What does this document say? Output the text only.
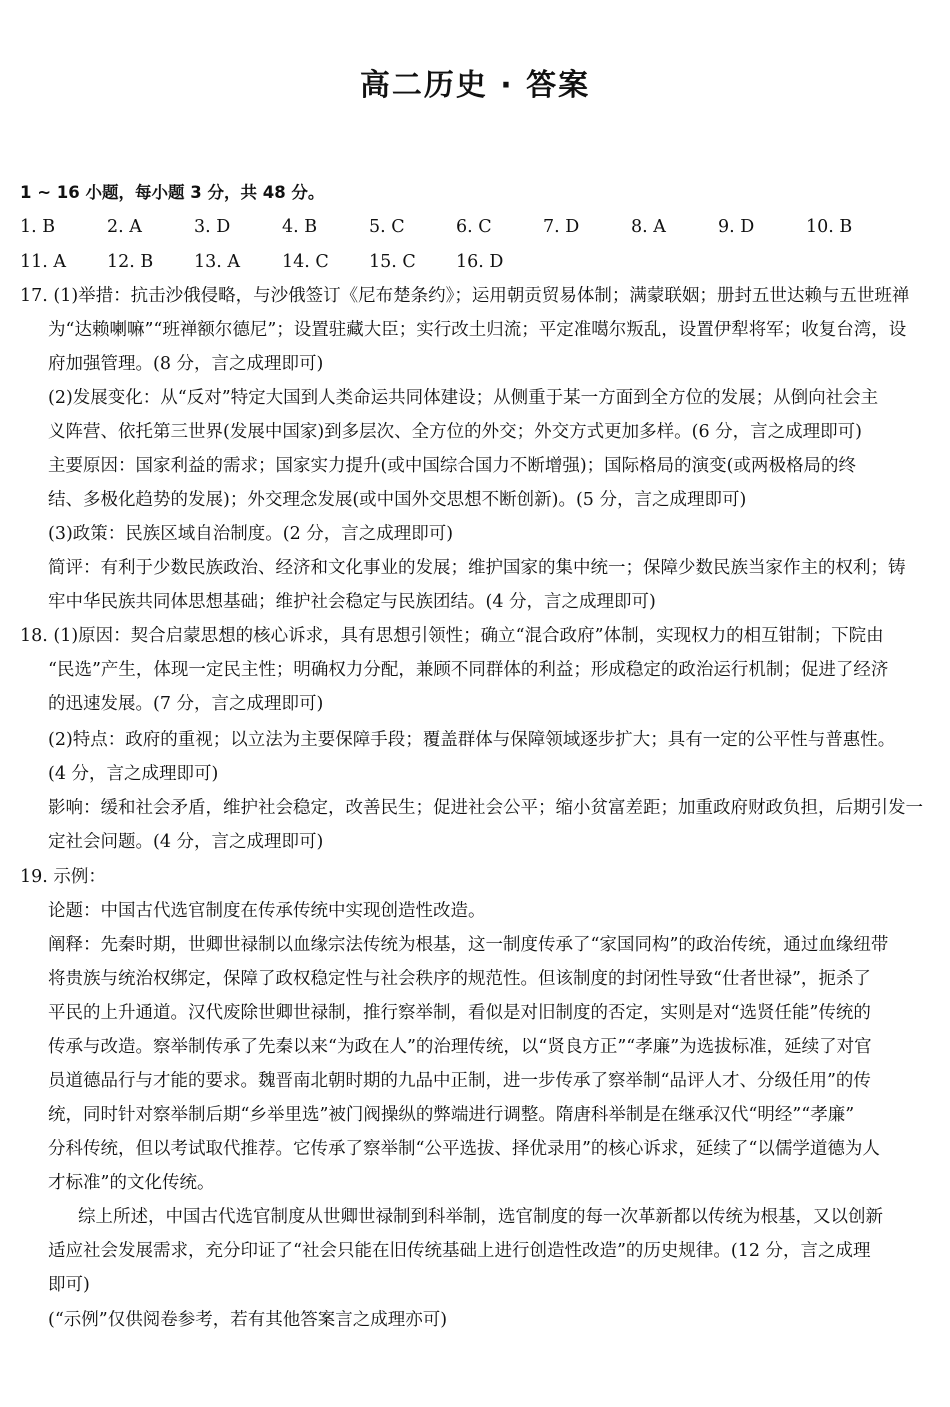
高二历史 · 答案
1 ~ 16 小题，每小题 3 分，共 48 分。
1. B	2. A	3. D	4. B	5. C	6. C	7. D	8. A	9. D	10. B
11. A 12. B 13. A 14. C 15. C 16. D
17. (1)举措：抗击沙俄侵略，与沙俄签订《尼布楚条约》；运用朝贡贸易体制；满蒙联姻；册封五世达赖与五世班禅
为“达赖喇嘛”“班禅额尔德尼”；设置驻藏大臣；实行改土归流；平定准噶尔叛乱，设置伊犁将军；收复台湾，设
府加强管理。(8 分，言之成理即可)
(2)发展变化：从“反对”特定大国到人类命运共同体建设；从侧重于某一方面到全方位的发展；从倒向社会主
义阵营、依托第三世界(发展中国家)到多层次、全方位的外交；外交方式更加多样。(6 分，言之成理即可)
主要原因：国家利益的需求；国家实力提升(或中国综合国力不断增强)；国际格局的演变(或两极格局的终
结、多极化趋势的发展)；外交理念发展(或中国外交思想不断创新)。(5 分，言之成理即可)
(3)政策：民族区域自治制度。(2 分，言之成理即可)
简评：有利于少数民族政治、经济和文化事业的发展；维护国家的集中统一；保障少数民族当家作主的权利；铸
牢中华民族共同体思想基础；维护社会稳定与民族团结。(4 分，言之成理即可)
18. (1)原因：契合启蒙思想的核心诉求，具有思想引领性；确立“混合政府”体制，实现权力的相互钳制；下院由
“民选”产生，体现一定民主性；明确权力分配，兼顾不同群体的利益；形成稳定的政治运行机制；促进了经济
的迅速发展。(7 分，言之成理即可)
(2)特点：政府的重视；以立法为主要保障手段；覆盖群体与保障领域逐步扩大；具有一定的公平性与普惠性。
(4 分，言之成理即可)
影响：缓和社会矛盾，维护社会稳定，改善民生；促进社会公平；缩小贫富差距；加重政府财政负担，后期引发一
定社会问题。(4 分，言之成理即可)
19. 示例：
论题：中国古代选官制度在传承传统中实现创造性改造。
阐释：先秦时期，世卿世禄制以血缘宗法传统为根基，这一制度传承了“家国同构”的政治传统，通过血缘纽带
将贵族与统治权绑定，保障了政权稳定性与社会秩序的规范性。但该制度的封闭性导致“仕者世禄”，扼杀了
平民的上升通道。汉代废除世卿世禄制，推行察举制，看似是对旧制度的否定，实则是对“选贤任能”传统的
传承与改造。察举制传承了先秦以来“为政在人”的治理传统，以“贤良方正”“孝廉”为选拔标准，延续了对官
员道德品行与才能的要求。魏晋南北朝时期的九品中正制，进一步传承了察举制“品评人才、分级任用”的传
统，同时针对察举制后期“乡举里选”被门阀操纵的弊端进行调整。隋唐科举制是在继承汉代“明经”“孝廉”
分科传统，但以考试取代推荐。它传承了察举制“公平选拔、择优录用”的核心诉求，延续了“以儒学道德为人
才标准”的文化传统。
综上所述，中国古代选官制度从世卿世禄制到科举制，选官制度的每一次革新都以传统为根基，又以创新
适应社会发展需求，充分印证了“社会只能在旧传统基础上进行创造性改造”的历史规律。(12 分，言之成理
即可)
(“示例”仅供阅卷参考，若有其他答案言之成理亦可)
